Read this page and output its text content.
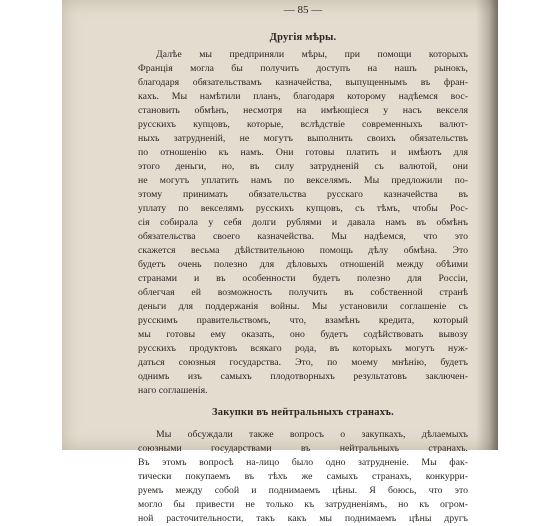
— 85 —
Другія мѣры.
Далѣе мы предприняли мѣры, при помощи которыхъ
Франція могла бы получить доступъ на нашъ рынокъ,
благодаря обязательствамъ казначейства, выпущеннымъ въ фран-
кахъ. Мы намѣтили планъ, благодаря которому надѣемся вос-
становить обмѣнъ, несмотря на имѣющіеся у насъ векселя
русскихъ купцовъ, которые, вслѣдствіе современныхъ валют-
ныхъ затрудненій, не могутъ выполнить своихъ обязательствъ
по отношенію къ намъ. Они готовы платить и имѣютъ для
этого деньги, но, въ силу затрудненій съ валютой, они
не могутъ уплатить намъ по векселямъ. Мы предложили по-
этому принимать обязательства русскаго казначейства въ
уплату по векселямъ русскихъ купцовъ, съ тѣмъ, чтобы Рос-
сія собирала у себя долги рублями и давала намъ въ обмѣнъ
обязательства своего казначейства. Мы надѣемся, что это
скажется весьма дѣйствительною помощь дѣлу обмѣна. Это
будетъ очень полезно для дѣловыхъ отношеній между обѣими
странами и въ особенности будетъ полезно для Россіи,
облегчая ей возможность получить въ собственной странѣ
деньги для поддержанія войны. Мы установили соглашеніе съ
русскимъ правительствомъ, что, взамѣнъ кредита, который
мы готовы ему оказать, оно будетъ содѣйствовать вывозу
русскихъ продуктовъ всякаго рода, въ которыхъ могутъ нуж-
даться союзныя государства. Это, по моему мнѣнію, будетъ
однимъ изъ самыхъ плодотворныхъ результатовъ заключен-
наго соглашенія.
Закупки въ нейтральныхъ странахъ.
Мы обсуждали также вопросъ о закупкахъ, дѣлаемыхъ
союзными государствами въ нейтральныхъ странахъ.
Въ этомъ вопросѣ на-лицо было одно затрудненіе. Мы фак-
тически покупаемъ въ тѣхъ же самыхъ странахъ, конкурри-
руемъ между собой и поднимаемъ цѣны. Я боюсь, что это
могло бы привести не только къ затрудненіямъ, но къ огром-
ной расточительности, такъ какъ мы поднимаемъ цѣны другъ
